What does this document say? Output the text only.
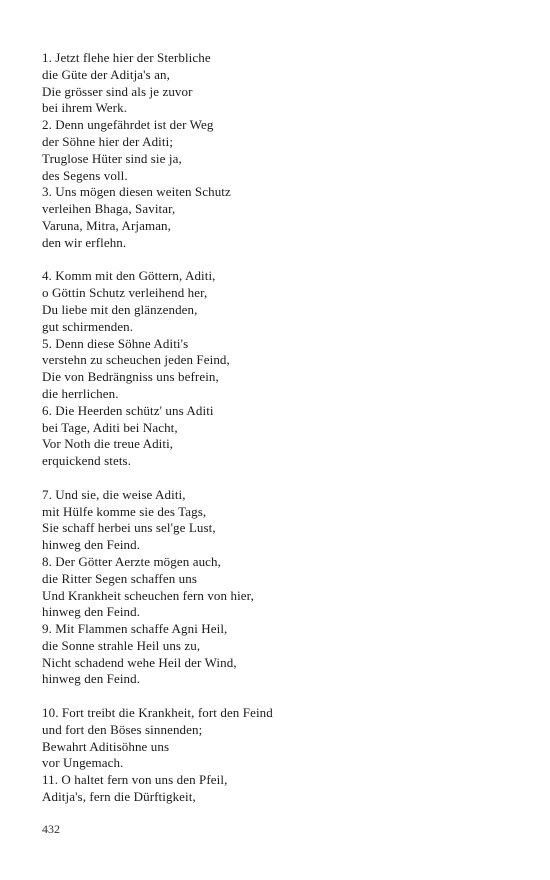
1. Jetzt flehe hier der Sterbliche
die Güte der Aditja's an,
Die grösser sind als je zuvor
bei ihrem Werk.
2. Denn ungefährdet ist der Weg
der Söhne hier der Aditi;
Truglose Hüter sind sie ja,
des Segens voll.
3. Uns mögen diesen weiten Schutz
verleihen Bhaga, Savitar,
Varuna, Mitra, Arjaman,
den wir erflehn.
4. Komm mit den Göttern, Aditi,
o Göttin Schutz verleihend her,
Du liebe mit den glänzenden,
gut schirmenden.
5. Denn diese Söhne Aditi's
verstehn zu scheuchen jeden Feind,
Die von Bedrängniss uns befrein,
die herrlichen.
6. Die Heerden schütz' uns Aditi
bei Tage, Aditi bei Nacht,
Vor Noth die treue Aditi,
erquickend stets.
7. Und sie, die weise Aditi,
mit Hülfe komme sie des Tags,
Sie schaff herbei uns sel'ge Lust,
hinweg den Feind.
8. Der Götter Aerzte mögen auch,
die Ritter Segen schaffen uns
Und Krankheit scheuchen fern von hier,
hinweg den Feind.
9. Mit Flammen schaffe Agni Heil,
die Sonne strahle Heil uns zu,
Nicht schadend wehe Heil der Wind,
hinweg den Feind.
10. Fort treibt die Krankheit, fort den Feind
und fort den Böses sinnenden;
Bewahrt Aditisöhne uns
vor Ungemach.
11. O haltet fern von uns den Pfeil,
Aditja's, fern die Dürftigkeit,
432
